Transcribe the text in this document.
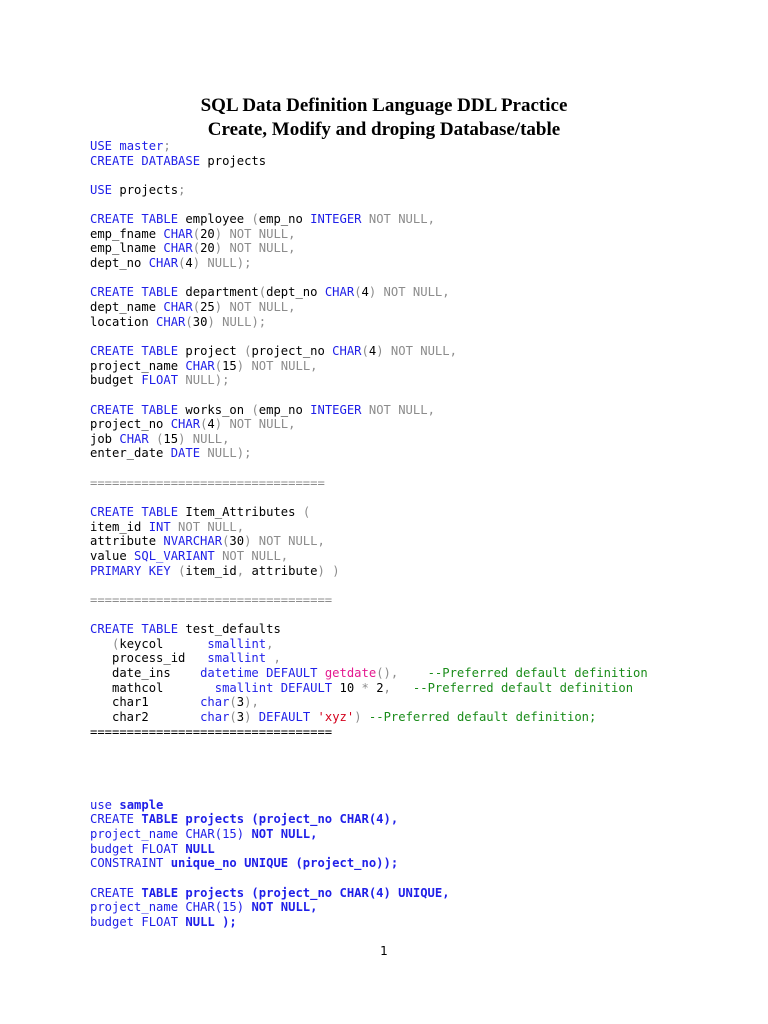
SQL Data Definition Language DDL Practice
Create, Modify and droping Database/table
USE master;
CREATE DATABASE projects

USE projects;

CREATE TABLE employee (emp_no INTEGER NOT NULL,
emp_fname CHAR(20) NOT NULL,
emp_lname CHAR(20) NOT NULL,
dept_no CHAR(4) NULL);

CREATE TABLE department(dept_no CHAR(4) NOT NULL,
dept_name CHAR(25) NOT NULL,
location CHAR(30) NULL);

CREATE TABLE project (project_no CHAR(4) NOT NULL,
project_name CHAR(15) NOT NULL,
budget FLOAT NULL);

CREATE TABLE works_on (emp_no INTEGER NOT NULL,
project_no CHAR(4) NOT NULL,
job CHAR (15) NULL,
enter_date DATE NULL);

================================

CREATE TABLE Item_Attributes (
item_id INT NOT NULL,
attribute NVARCHAR(30) NOT NULL,
value SQL_VARIANT NOT NULL,
PRIMARY KEY (item_id, attribute) )

=================================

CREATE TABLE test_defaults
(keycol      smallint,
process_id   smallint ,
date_ins    datetime DEFAULT getdate(), --Preferred default definition
mathcol       smallint DEFAULT 10 * 2, --Preferred default definition
char1       char(3),
char2       char(3) DEFAULT 'xyz') --Preferred default definition;
=================================

use sample
CREATE TABLE projects (project_no CHAR(4),
project_name CHAR(15) NOT NULL,
budget FLOAT NULL
CONSTRAINT unique_no UNIQUE (project_no));

CREATE TABLE projects (project_no CHAR(4) UNIQUE,
project_name CHAR(15) NOT NULL,
budget FLOAT NULL );
1
